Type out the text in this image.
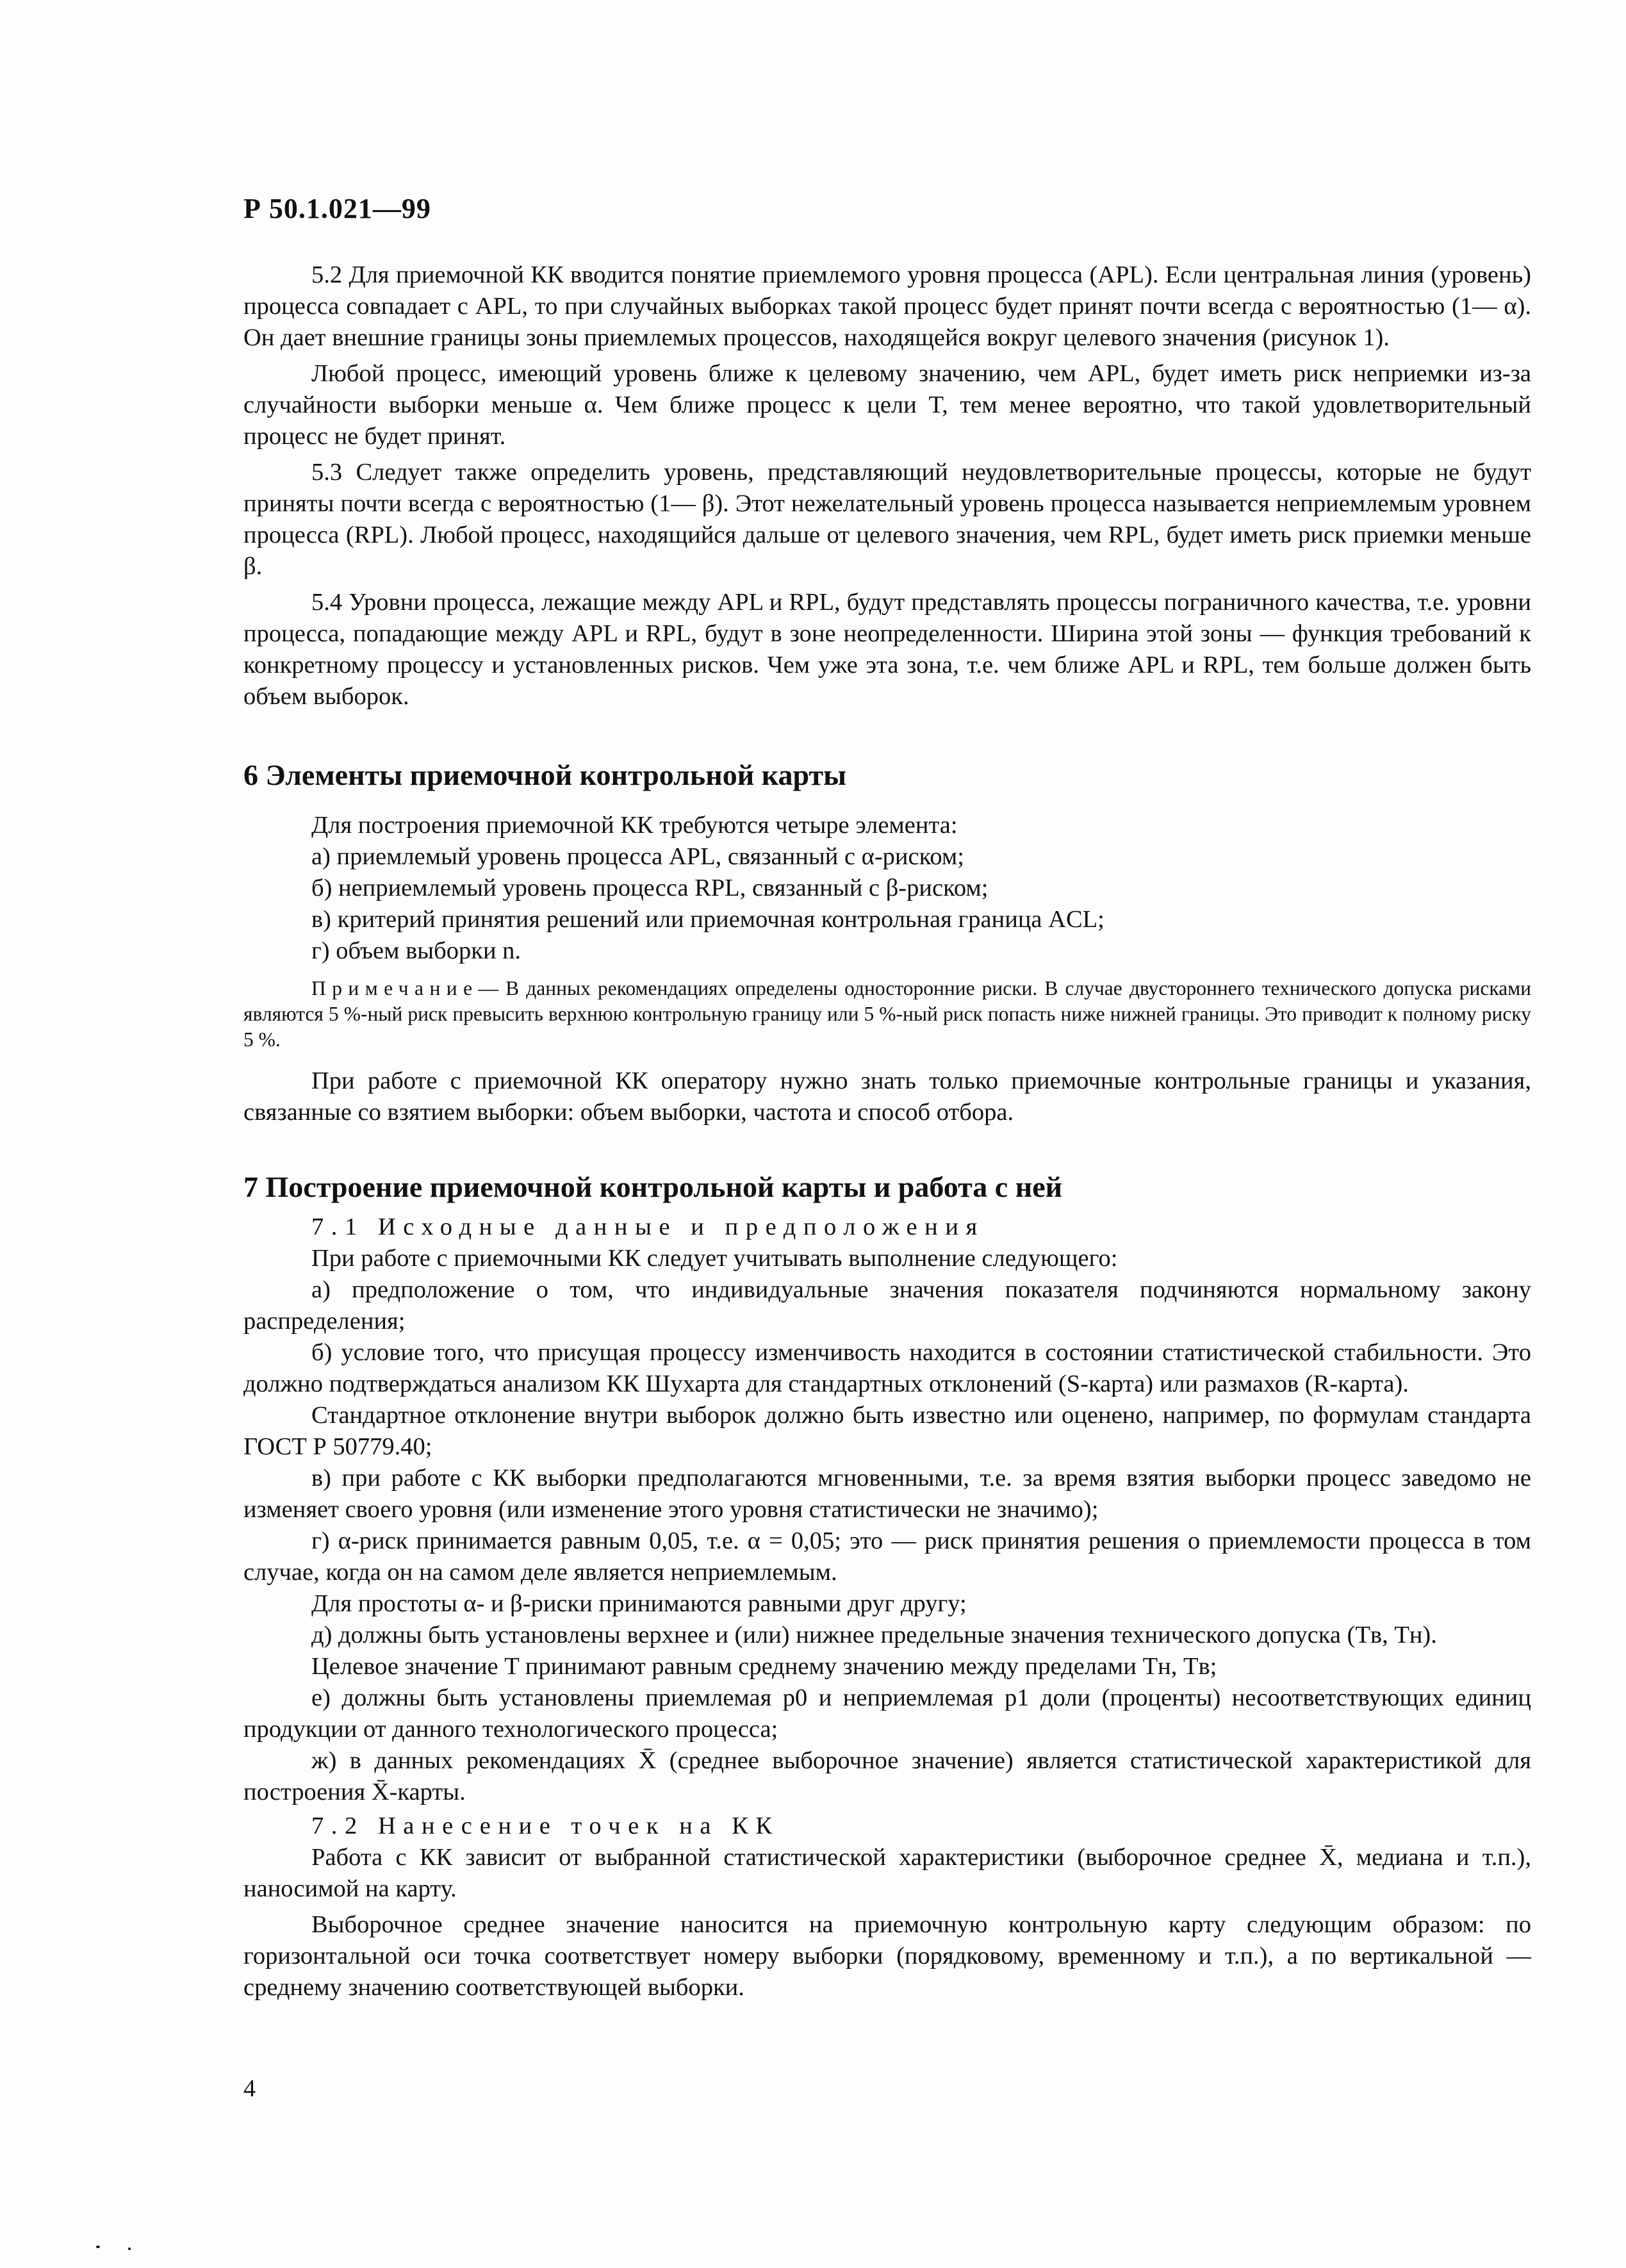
Р 50.1.021—99

5.2 Для приемочной КК вводится понятие приемлемого уровня процесса (APL). Если центральная линия (уровень) процесса совпадает с APL, то при случайных выборках такой процесс будет принят почти всегда с вероятностью (1— α). Он дает внешние границы зоны приемлемых процессов, находящейся вокруг целевого значения (рисунок 1).

Любой процесс, имеющий уровень ближе к целевому значению, чем APL, будет иметь риск неприемки из-за случайности выборки меньше α. Чем ближе процесс к цели T, тем менее вероятно, что такой удовлетворительный процесс не будет принят.

5.3 Следует также определить уровень, представляющий неудовлетворительные процессы, которые не будут приняты почти всегда с вероятностью (1— β). Этот нежелательный уровень процесса называется неприемлемым уровнем процесса (RPL). Любой процесс, находящийся дальше от целевого значения, чем RPL, будет иметь риск приемки меньше β.

5.4 Уровни процесса, лежащие между APL и RPL, будут представлять процессы пограничного качества, т.е. уровни процесса, попадающие между APL и RPL, будут в зоне неопределенности. Ширина этой зоны — функция требований к конкретному процессу и установленных рисков. Чем уже эта зона, т.е. чем ближе APL и RPL, тем больше должен быть объем выборок.

6 Элементы приемочной контрольной карты

Для построения приемочной КК требуются четыре элемента:

а) приемлемый уровень процесса APL, связанный с α-риском;

б) неприемлемый уровень процесса RPL, связанный с β-риском;

в) критерий принятия решений или приемочная контрольная граница ACL;

г) объем выборки n.

Примечание— В данных рекомендациях определены односторонние риски. В случае двустороннего технического допуска рисками являются 5 %-ный риск превысить верхнюю контрольную границу или 5 %-ный риск попасть ниже нижней границы. Это приводит к полному риску 5 %.

При работе с приемочной КК оператору нужно знать только приемочные контрольные границы и указания, связанные со взятием выборки: объем выборки, частота и способ отбора.

7 Построение приемочной контрольной карты и работа с ней

7.1 Исходные данные и предположения

При работе с приемочными КК следует учитывать выполнение следующего:

а) предположение о том, что индивидуальные значения показателя подчиняются нормальному закону распределения;

б) условие того, что присущая процессу изменчивость находится в состоянии статистической стабильности. Это должно подтверждаться анализом КК Шухарта для стандартных отклонений (S-карта) или размахов (R-карта).

Стандартное отклонение внутри выборок должно быть известно или оценено, например, по формулам стандарта ГОСТ Р 50779.40;

в) при работе с КК выборки предполагаются мгновенными, т.е. за время взятия выборки процесс заведомо не изменяет своего уровня (или изменение этого уровня статистически не значимо);

г) α-риск принимается равным 0,05, т.е. α = 0,05; это — риск принятия решения о приемлемости процесса в том случае, когда он на самом деле является неприемлемым.

Для простоты α- и β-риски принимаются равными друг другу;

д) должны быть установлены верхнее и (или) нижнее предельные значения технического допуска (Tв, Tн).

Целевое значение T принимают равным среднему значению между пределами Tн, Tв;

е) должны быть установлены приемлемая p0 и неприемлемая p1 доли (проценты) несоответствующих единиц продукции от данного технологического процесса;

ж) в данных рекомендациях X̄ (среднее выборочное значение) является статистической характеристикой для построения X̄-карты.

7.2 Нанесение точек на КК

Работа с КК зависит от выбранной статистической характеристики (выборочное среднее X̄, медиана и т.п.), наносимой на карту.

Выборочное среднее значение наносится на приемочную контрольную карту следующим образом: по горизонтальной оси точка соответствует номеру выборки (порядковому, временному и т.п.), а по вертикальной — среднему значению соответствующей выборки.

4
